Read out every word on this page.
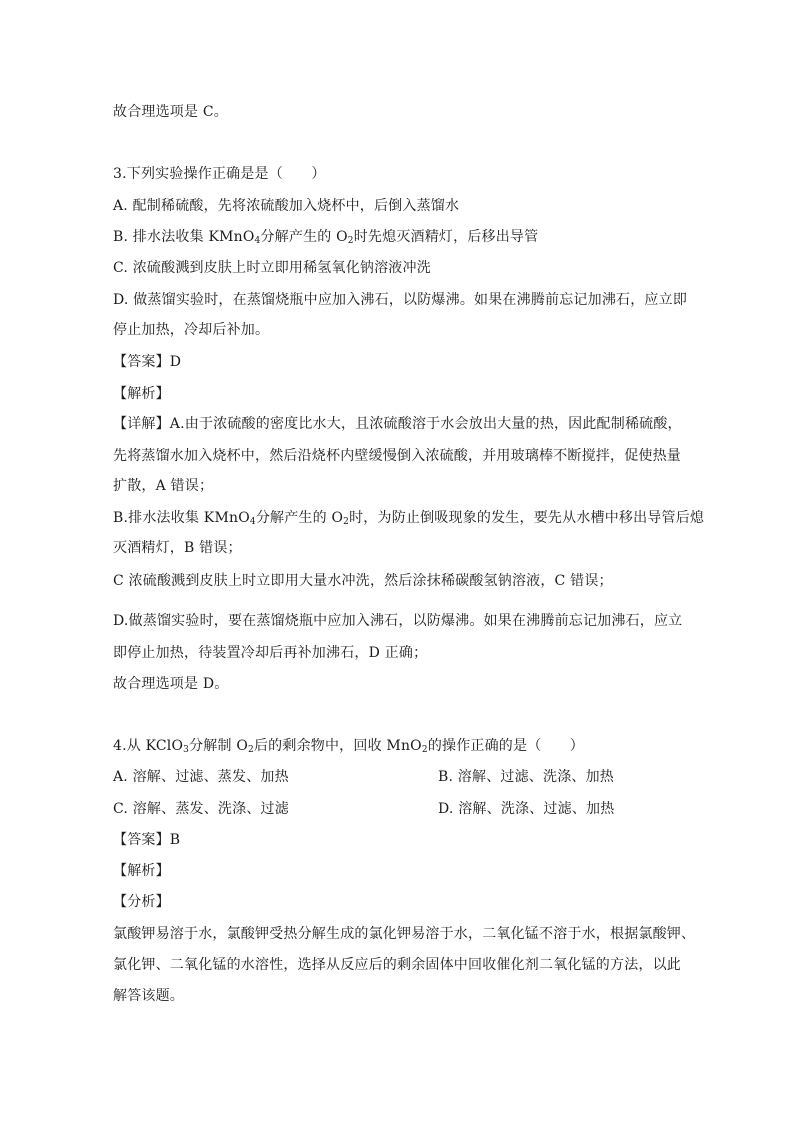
故合理选项是 C。
3.下列实验操作正确是是（　　）
A. 配制稀硫酸，先将浓硫酸加入烧杯中，后倒入蒸馏水
B. 排水法收集 KMnO$_4$分解产生的 $O_2$时先熄灭酒精灯，后移出导管
C. 浓硫酸溅到皮肤上时立即用稀氢氧化钠溶液冲洗
D. 做蒸馏实验时，在蒸馏烧瓶中应加入沸石，以防爆沸。如果在沸腾前忘记加沸石，应立即
停止加热，冷却后补加。
【答案】D
【解析】
【详解】A.由于浓硫酸的密度比水大，且浓硫酸溶于水会放出大量的热，因此配制稀硫酸，
先将蒸馏水加入烧杯中，然后沿烧杯内壁缓慢倒入浓硫酸，并用玻璃棒不断搅拌，促使热量
扩散，A 错误；
B.排水法收集 KMnO$_4$分解产生的 $O_2$时，为防止倒吸现象的发生，要先从水槽中移出导管后熄
灭酒精灯，B 错误；
C 浓硫酸溅到皮肤上时立即用大量水冲洗，然后涂抹稀碳酸氢钠溶液，C 错误；
D.做蒸馏实验时，要在蒸馏烧瓶中应加入沸石，以防爆沸。如果在沸腾前忘记加沸石，应立
即停止加热，待装置冷却后再补加沸石，D 正确；
故合理选项是 D。
4.从 KClO$_3$分解制 $O_2$后的剩余物中，回收 MnO$_2$的操作正确的是（　　）
A. 溶解、过滤、蒸发、加热	B. 溶解、过滤、洗涤、加热
C. 溶解、蒸发、洗涤、过滤	D. 溶解、洗涤、过滤、加热
【答案】B
【解析】
【分析】
氯酸钾易溶于水，氯酸钾受热分解生成的氯化钾易溶于水，二氧化锰不溶于水，根据氯酸钾、
氯化钾、二氧化锰的水溶性，选择从反应后的剩余固体中回收催化剂二氧化锰的方法，以此
解答该题。
